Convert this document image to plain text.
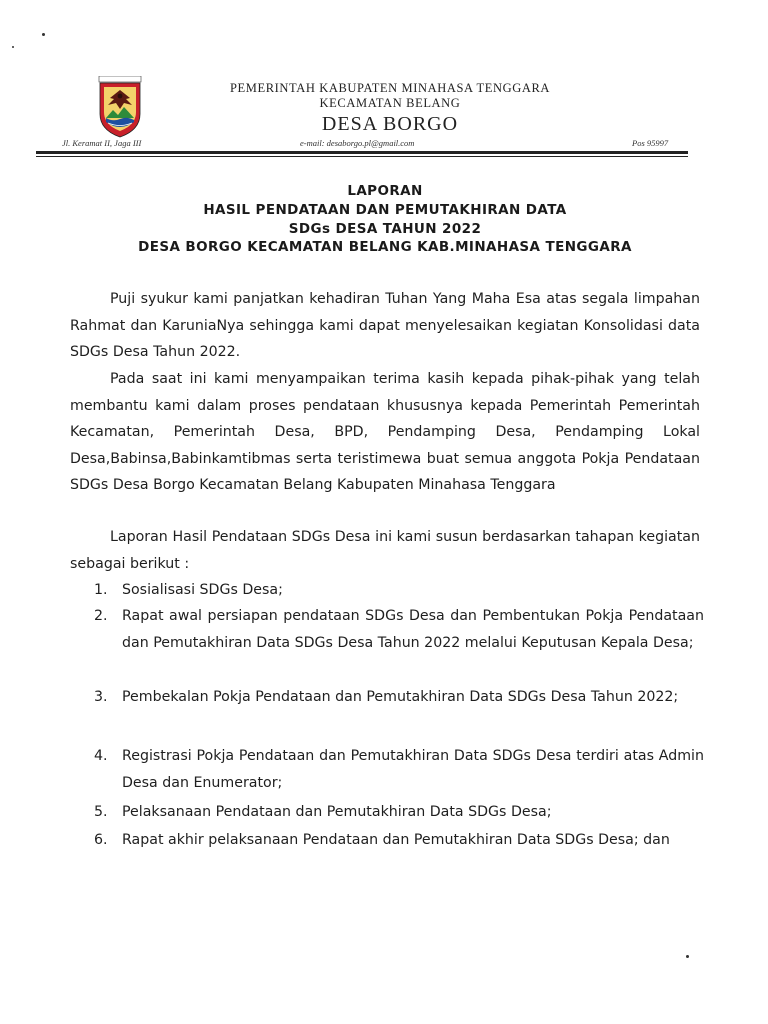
PEMERINTAH KABUPATEN MINAHASA TENGGARA
KECAMATAN BELANG
DESA BORGO
Jl. Keramat II, Jaga III	e-mail: desaborgo.pl@gmail.com	Pos 95997
LAPORAN
HASIL PENDATAAN DAN PEMUTAKHIRAN DATA
SDGs DESA TAHUN 2022
DESA BORGO KECAMATAN BELANG KAB.MINAHASA TENGGARA

Puji syukur kami panjatkan kehadiran Tuhan Yang Maha Esa atas segala limpahan Rahmat dan KaruniaNya sehingga kami dapat menyelesaikan kegiatan Konsolidasi data SDGs Desa Tahun 2022.

Pada saat ini kami menyampaikan terima kasih kepada pihak-pihak yang telah membantu kami dalam proses pendataan khususnya kepada Pemerintah Pemerintah Kecamatan, Pemerintah Desa, BPD, Pendamping Desa, Pendamping Lokal Desa,Babinsa,Babinkamtibmas serta teristimewa buat semua anggota Pokja Pendataan SDGs Desa Borgo Kecamatan Belang Kabupaten Minahasa Tenggara

Laporan Hasil Pendataan SDGs Desa ini kami susun berdasarkan tahapan kegiatan sebagai berikut :

1. Sosialisasi SDGs Desa;
2. Rapat awal persiapan pendataan SDGs Desa dan Pembentukan Pokja Pendataan dan Pemutakhiran Data SDGs Desa Tahun 2022 melalui Keputusan Kepala Desa;
3. Pembekalan Pokja Pendataan dan Pemutakhiran Data SDGs Desa Tahun 2022;
4. Registrasi Pokja Pendataan dan Pemutakhiran Data SDGs Desa terdiri atas Admin Desa dan Enumerator;
5. Pelaksanaan Pendataan dan Pemutakhiran Data SDGs Desa;
6. Rapat akhir pelaksanaan Pendataan dan Pemutakhiran Data SDGs Desa; dan
